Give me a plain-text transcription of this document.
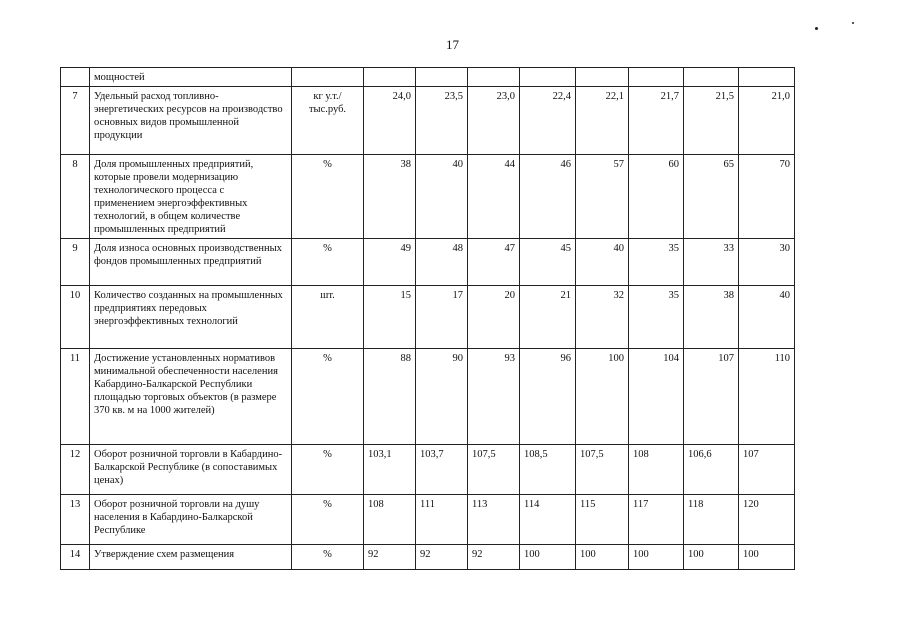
17
	мощностей									
7	Удельный расход топливно-энергетических ресурсов на производство основных видов промышленной продукции	кг у.т./ тыс.руб.	24,0	23,5	23,0	22,4	22,1	21,7	21,5	21,0
8	Доля промышленных предприятий, которые провели модернизацию технологического процесса с применением энергоэффективных технологий, в общем количестве промышленных предприятий	%	38	40	44	46	57	60	65	70
9	Доля износа основных производственных фондов промышленных предприятий	%	49	48	47	45	40	35	33	30
10	Количество созданных на промышленных предприятиях передовых энергоэффективных технологий	шт.	15	17	20	21	32	35	38	40
11	Достижение установленных нормативов минимальной обеспеченности населения Кабардино-Балкарской Республики площадью торговых объектов (в размере 370 кв. м на 1000 жителей)	%	88	90	93	96	100	104	107	110
12	Оборот розничной торговли в Кабардино-Балкарской Республике (в сопоставимых ценах)	%	103,1	103,7	107,5	108,5	107,5	108	106,6	107
13	Оборот розничной торговли на душу населения в Кабардино-Балкарской Республике	%	108	111	113	114	115	117	118	120
14	Утверждение схем размещения	%	92	92	92	100	100	100	100	100
